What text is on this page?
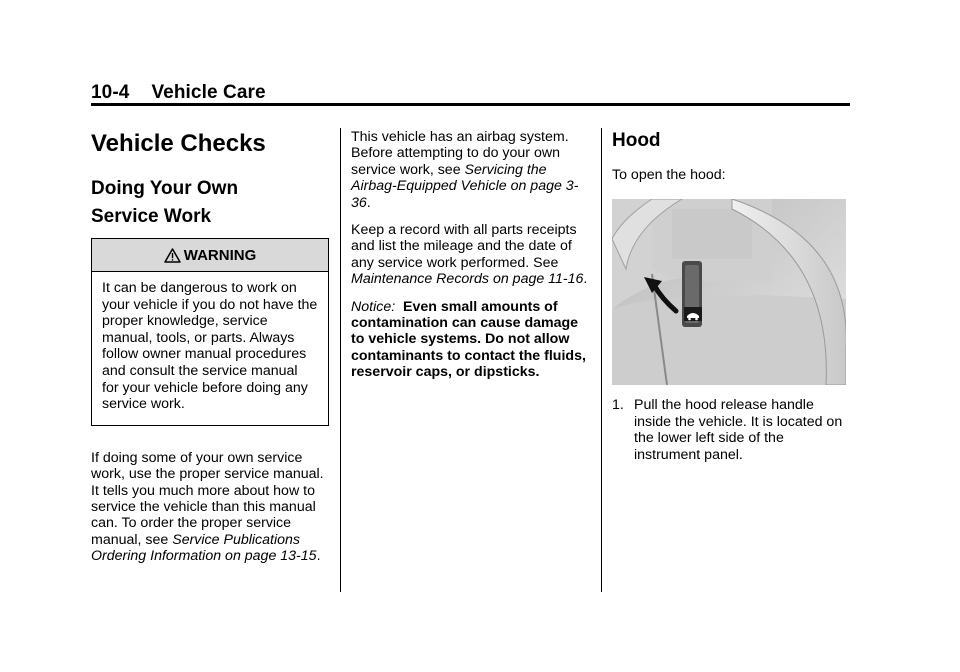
10-4 Vehicle Care
Vehicle Checks
Doing Your Own
Service Work
WARNING
It can be dangerous to work on your vehicle if you do not have the proper knowledge, service manual, tools, or parts. Always follow owner manual procedures and consult the service manual for your vehicle before doing any service work.

If doing some of your own service work, use the proper service manual. It tells you much more about how to service the vehicle than this manual can. To order the proper service manual, see Service Publications Ordering Information on page 13-15.

This vehicle has an airbag system. Before attempting to do your own service work, see Servicing the Airbag-Equipped Vehicle on page 3-36.

Keep a record with all parts receipts and list the mileage and the date of any service work performed. See Maintenance Records on page 11-16.

Notice: Even small amounts of contamination can cause damage to vehicle systems. Do not allow contaminants to contact the fluids, reservoir caps, or dipsticks.

Hood

To open the hood:

1. Pull the hood release handle inside the vehicle. It is located on the lower left side of the instrument panel.
